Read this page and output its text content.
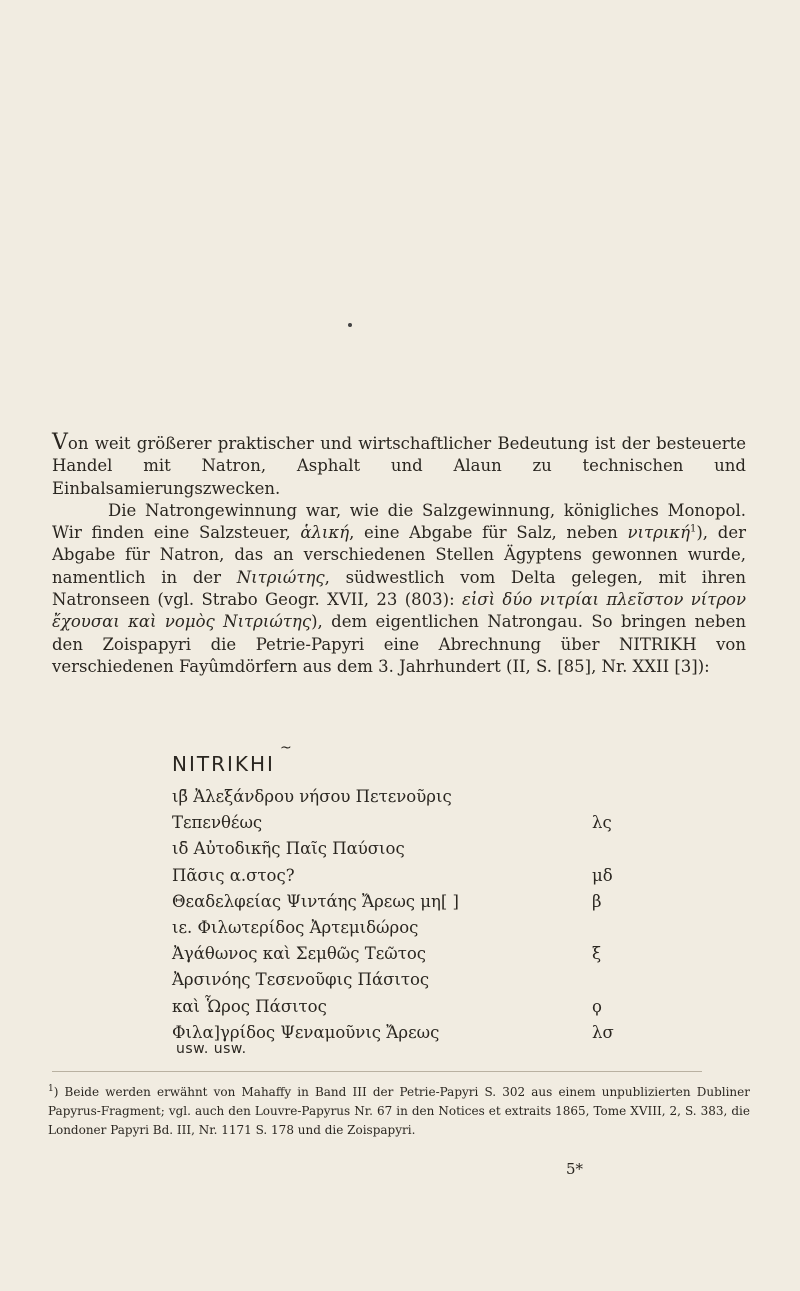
Von weit größerer praktischer und wirtschaftlicher Bedeutung ist der besteuerte Handel mit Natron, Asphalt und Alaun zu technischen und Einbalsamierungszwecken.

Die Natrongewinnung war, wie die Salzgewinnung, königliches Monopol. Wir finden eine Salzsteuer, ἁλική, eine Abgabe für Salz, neben νιτρική$^1$), der Abgabe für Natron, das an verschiedenen Stellen Ägyptens gewonnen wurde, namentlich in der Νιτριώτης, südwestlich vom Delta gelegen, mit ihren Natronseen (vgl. Strabo Geogr. XVII, 23 (803): εἰσὶ δύο νιτρίαι πλεῖστον νίτρον ἔχουσαι καὶ νομὸς Νιτριώτης), dem eigentlichen Natrongau. So bringen neben den Zoispapyri die Petrie-Papyri eine Abrechnung über NITRIKH von verschiedenen Fayûmdörfern aus dem 3. Jahrhundert (II, S. [85], Nr. XXII [3]):

NITRIKHI
~
ιβ̄ Ἀλεξάνδρου νήσου Πετενοῦρις
Τεπενθέως	λς
ιδ̄ Αὐτοδικῆς Παῖς Παύσιος
Πᾶσις α.στος?	μδ
Θεαδελφείας Ψιντάης Ἄρεως μη[ ]	β
ιε. Φιλωτερίδος Ἀρτεμιδώρος
Ἀγάθωνος καὶ Σεμθῶς Τεῶτος	ξ
Ἀρσινόης Τεσενοῦφις Πάσιτος
καὶ Ὧρος Πάσιτος	ϙ
Φιλα]γρίδος Ψεναμοῦνις Ἄρεως	λσ
usw. usw.
$^1$) Beide werden erwähnt von Mahaffy in Band III der Petrie-Papyri S. 302 aus einem unpublizierten Dubliner Papyrus-Fragment; vgl. auch den Louvre-Papyrus Nr. 67 in den Notices et extraits 1865, Tome XVIII, 2, S. 383, die Londoner Papyri Bd. III, Nr. 1171 S. 178 und die Zoispapyri.
5*
